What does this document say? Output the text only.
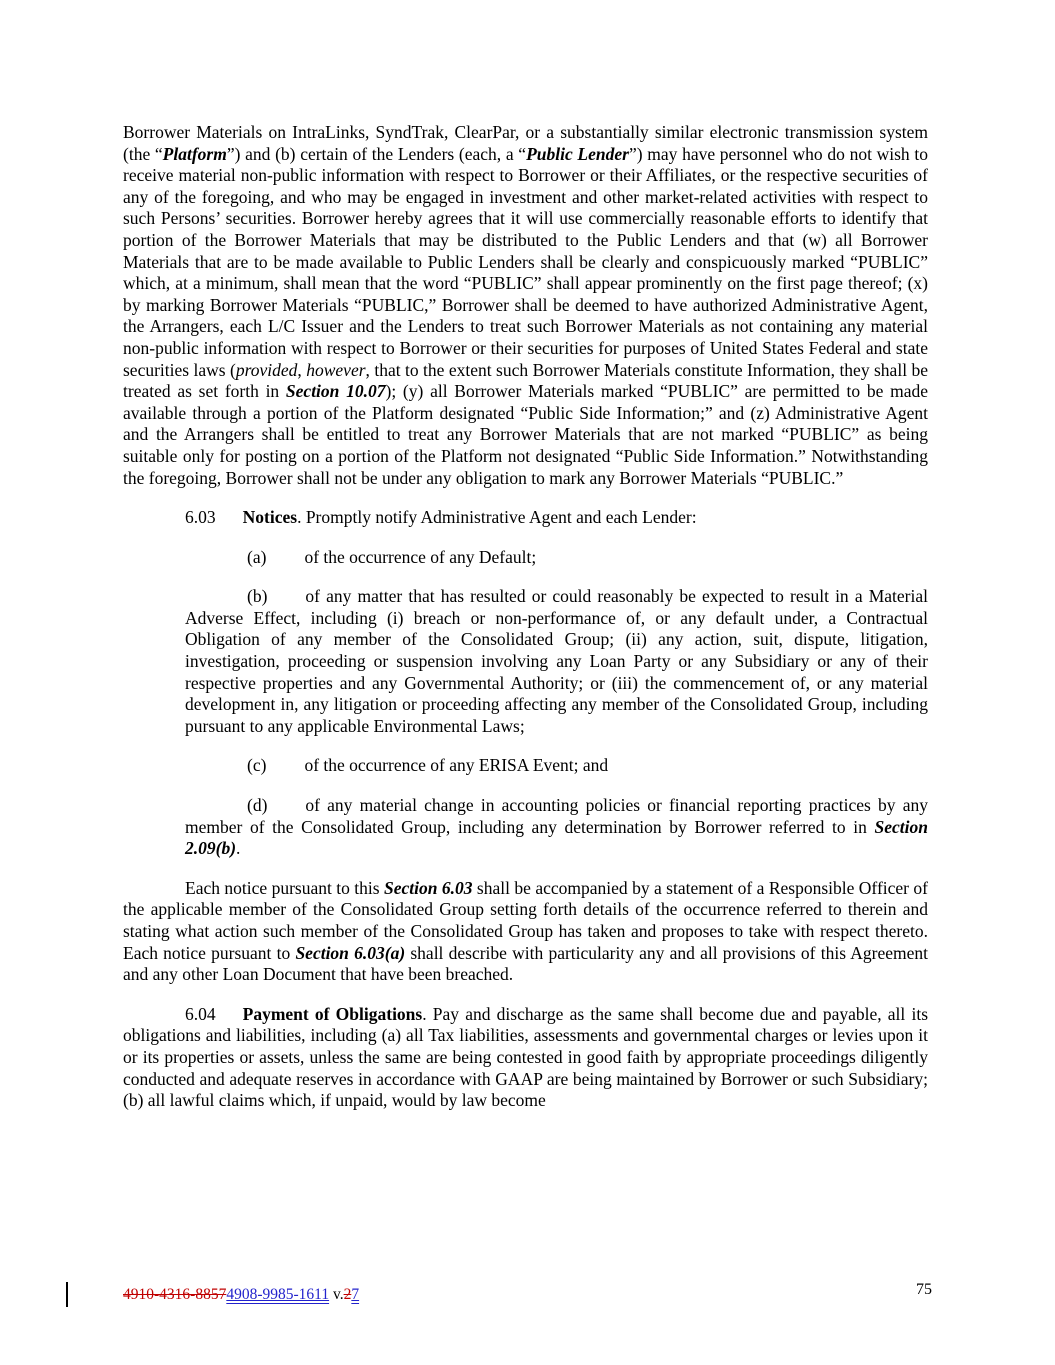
Borrower Materials on IntraLinks, SyndTrak, ClearPar, or a substantially similar electronic transmission system (the “Platform”) and (b) certain of the Lenders (each, a “Public Lender”) may have personnel who do not wish to receive material non-public information with respect to Borrower or their Affiliates, or the respective securities of any of the foregoing, and who may be engaged in investment and other market-related activities with respect to such Persons’ securities. Borrower hereby agrees that it will use commercially reasonable efforts to identify that portion of the Borrower Materials that may be distributed to the Public Lenders and that (w) all Borrower Materials that are to be made available to Public Lenders shall be clearly and conspicuously marked “PUBLIC” which, at a minimum, shall mean that the word “PUBLIC” shall appear prominently on the first page thereof; (x) by marking Borrower Materials “PUBLIC,” Borrower shall be deemed to have authorized Administrative Agent, the Arrangers, each L/C Issuer and the Lenders to treat such Borrower Materials as not containing any material non-public information with respect to Borrower or their securities for purposes of United States Federal and state securities laws (provided, however, that to the extent such Borrower Materials constitute Information, they shall be treated as set forth in Section 10.07); (y) all Borrower Materials marked “PUBLIC” are permitted to be made available through a portion of the Platform designated “Public Side Information;” and (z) Administrative Agent and the Arrangers shall be entitled to treat any Borrower Materials that are not marked “PUBLIC” as being suitable only for posting on a portion of the Platform not designated “Public Side Information.” Notwithstanding the foregoing, Borrower shall not be under any obligation to mark any Borrower Materials “PUBLIC.”

6.03 Notices. Promptly notify Administrative Agent and each Lender:

(a) of the occurrence of any Default;

(b) of any matter that has resulted or could reasonably be expected to result in a Material Adverse Effect, including (i) breach or non-performance of, or any default under, a Contractual Obligation of any member of the Consolidated Group; (ii) any action, suit, dispute, litigation, investigation, proceeding or suspension involving any Loan Party or any Subsidiary or any of their respective properties and any Governmental Authority; or (iii) the commencement of, or any material development in, any litigation or proceeding affecting any member of the Consolidated Group, including pursuant to any applicable Environmental Laws;

(c) of the occurrence of any ERISA Event; and

(d) of any material change in accounting policies or financial reporting practices by any member of the Consolidated Group, including any determination by Borrower referred to in Section 2.09(b).

Each notice pursuant to this Section 6.03 shall be accompanied by a statement of a Responsible Officer of the applicable member of the Consolidated Group setting forth details of the occurrence referred to therein and stating what action such member of the Consolidated Group has taken and proposes to take with respect thereto. Each notice pursuant to Section 6.03(a) shall describe with particularity any and all provisions of this Agreement and any other Loan Document that have been breached.

6.04 Payment of Obligations. Pay and discharge as the same shall become due and payable, all its obligations and liabilities, including (a) all Tax liabilities, assessments and governmental charges or levies upon it or its properties or assets, unless the same are being contested in good faith by appropriate proceedings diligently conducted and adequate reserves in accordance with GAAP are being maintained by Borrower or such Subsidiary; (b) all lawful claims which, if unpaid, would by law become

4910-4316-88574908-9985-1611 v.27	75
